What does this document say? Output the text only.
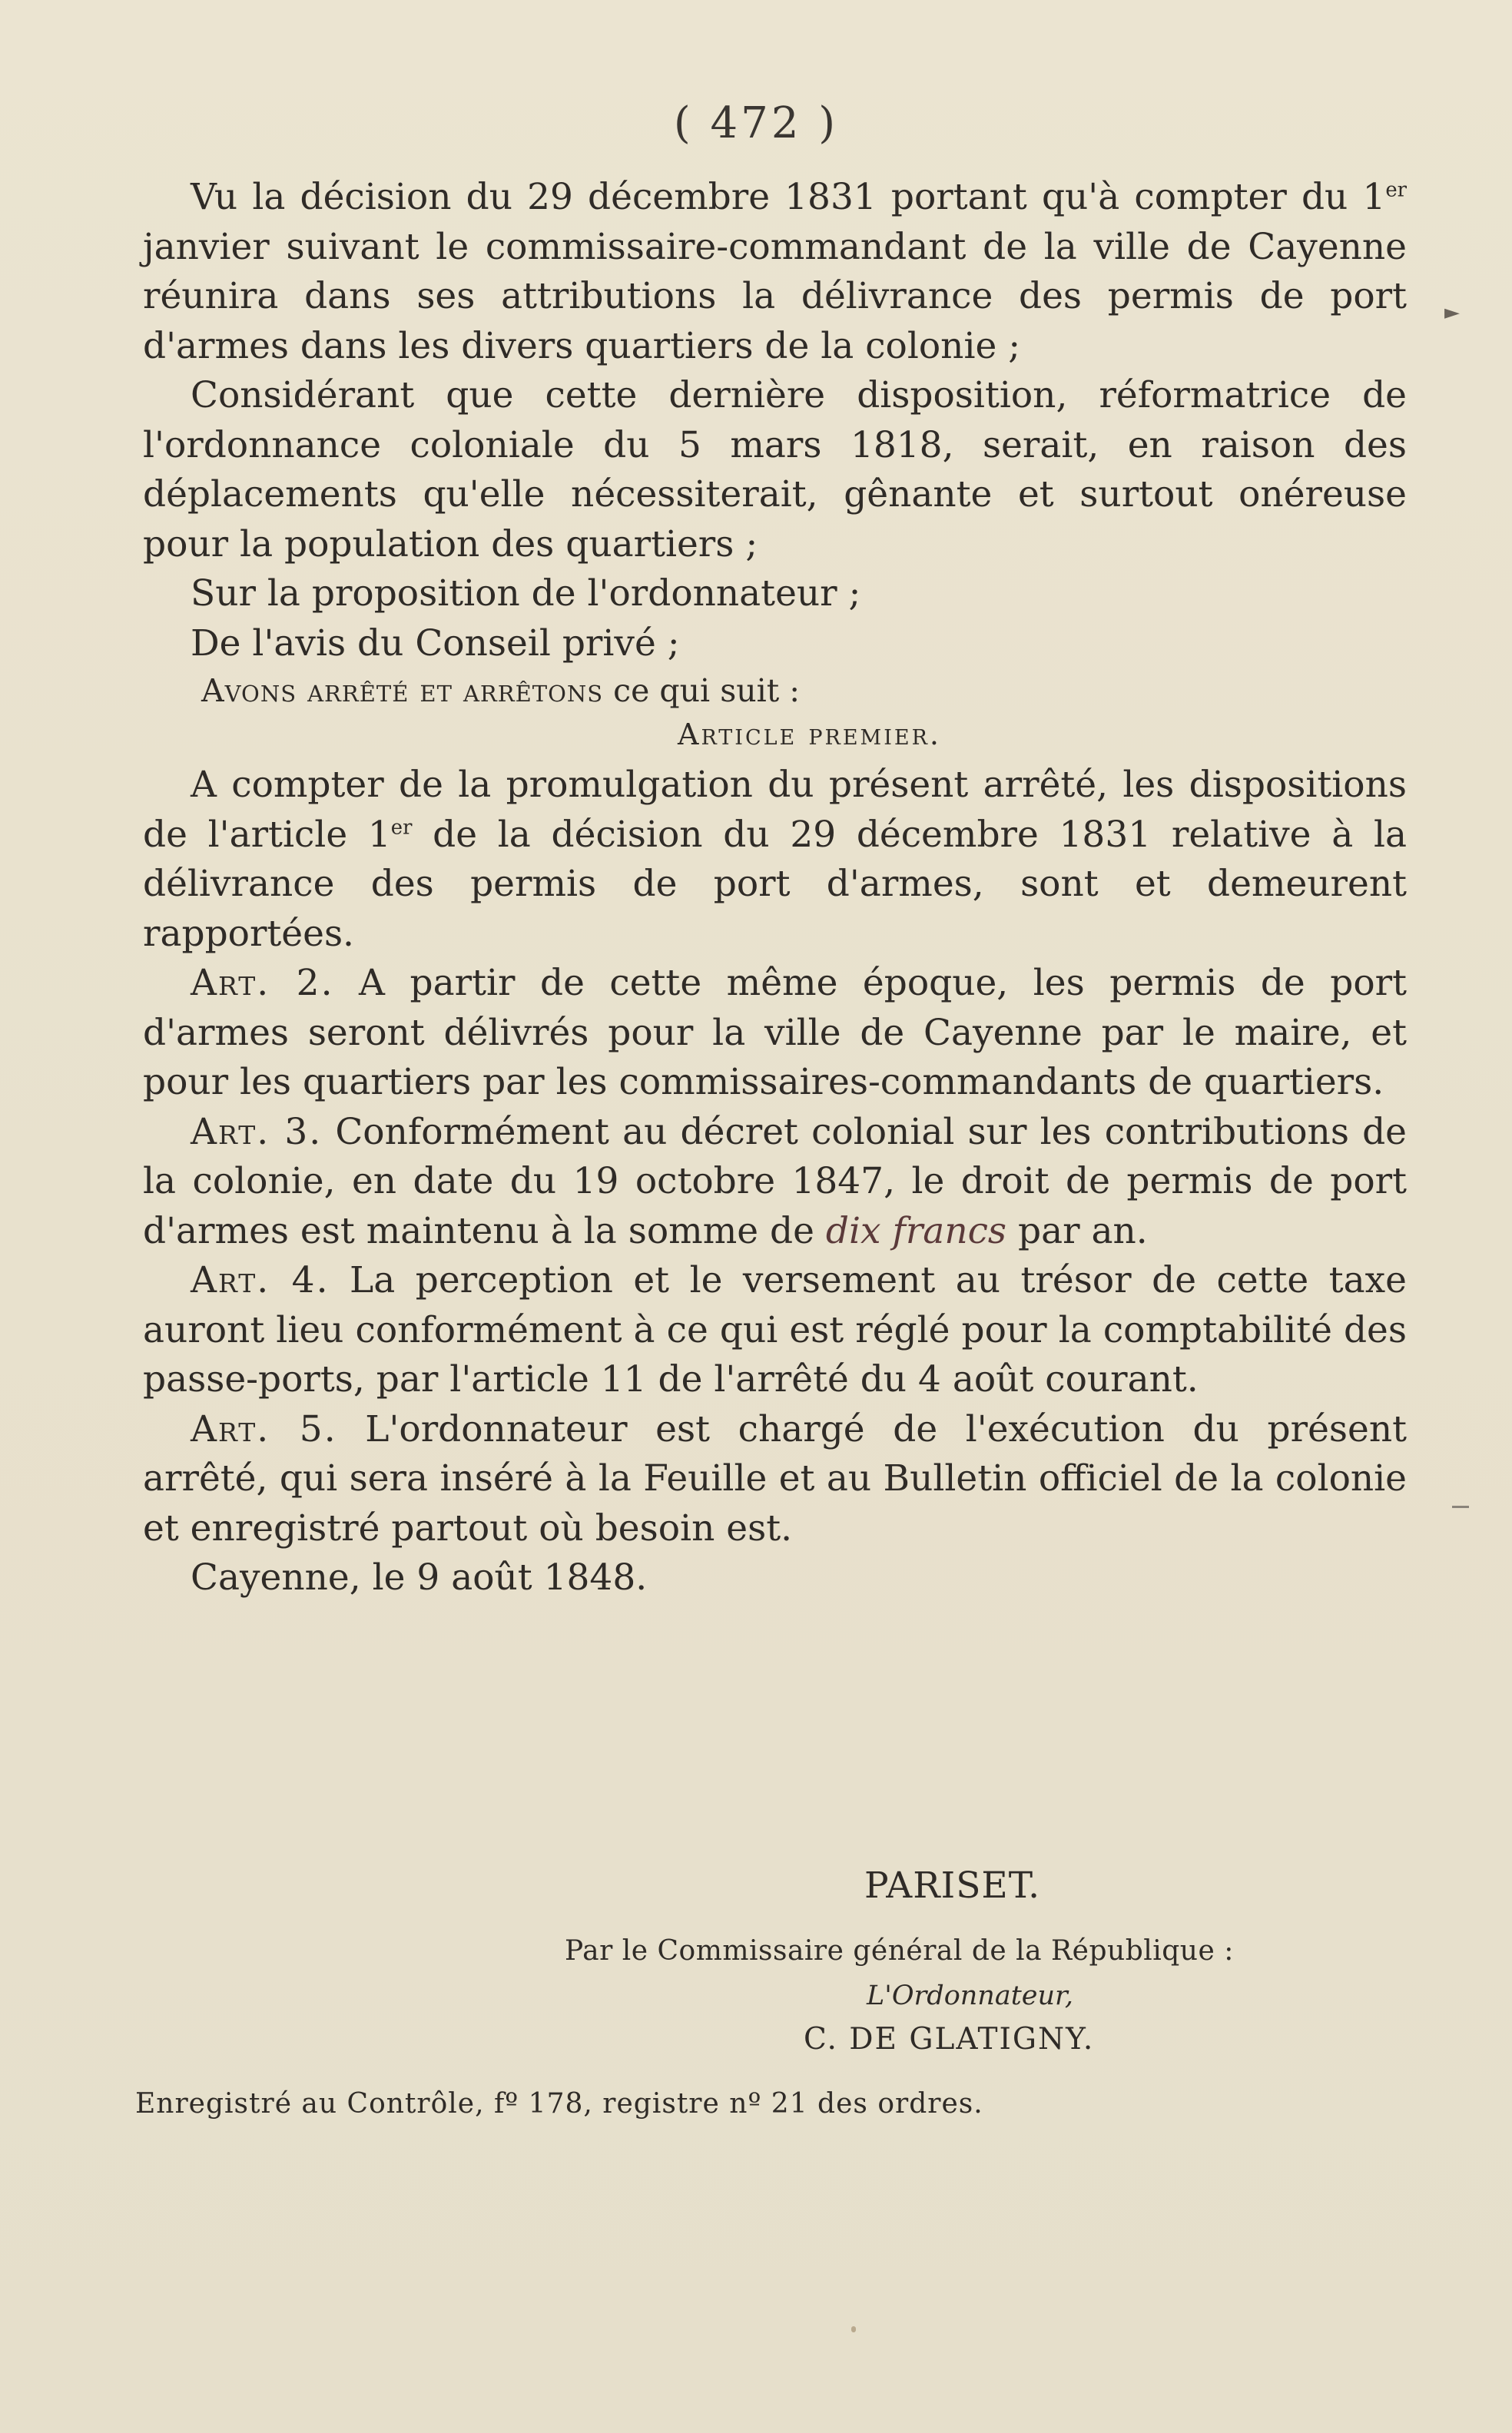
( 472 )

Vu la décision du 29 décembre 1831 portant qu'à compter du 1er janvier suivant le commissaire-commandant de la ville de Cayenne réunira dans ses attributions la délivrance des permis de port d'armes dans les divers quartiers de la colonie ;

Considérant que cette dernière disposition, réformatrice de l'ordonnance coloniale du 5 mars 1818, serait, en raison des déplacements qu'elle nécessiterait, gênante et surtout onéreuse pour la population des quartiers ;

Sur la proposition de l'ordonnateur ;

De l'avis du Conseil privé ;

Avons arrêté et arrêtons ce qui suit :

Article premier.

A compter de la promulgation du présent arrêté, les dispositions de l'article 1er de la décision du 29 décembre 1831 relative à la délivrance des permis de port d'armes, sont et demeurent rapportées.

Art. 2. A partir de cette même époque, les permis de port d'armes seront délivrés pour la ville de Cayenne par le maire, et pour les quartiers par les commissaires-commandants de quartiers.

Art. 3. Conformément au décret colonial sur les contributions de la colonie, en date du 19 octobre 1847, le droit de permis de port d'armes est maintenu à la somme de dix francs par an.

Art. 4. La perception et le versement au trésor de cette taxe auront lieu conformément à ce qui est réglé pour la comptabilité des passe-ports, par l'article 11 de l'arrêté du 4 août courant.

Art. 5. L'ordonnateur est chargé de l'exécution du présent arrêté, qui sera inséré à la Feuille et au Bulletin officiel de la colonie et enregistré partout où besoin est.

Cayenne, le 9 août 1848.

PARISET.
Par le Commissaire général de la République :
L'Ordonnateur,
C. DE GLATIGNY.
Enregistré au Contrôle, fº 178, registre nº 21 des ordres.
►
